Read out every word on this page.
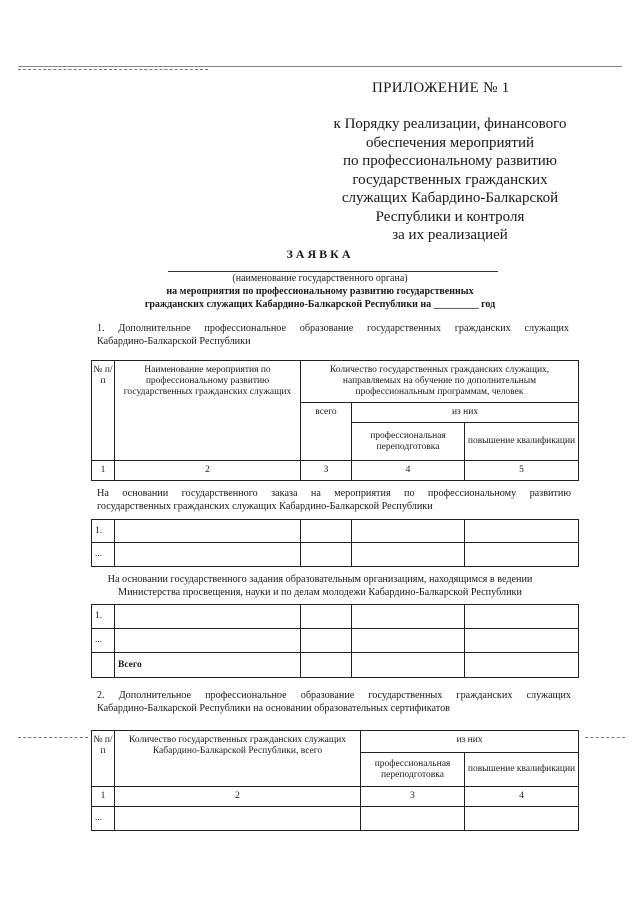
ПРИЛОЖЕНИЕ № 1
к Порядку реализации, финансового
обеспечения мероприятий
по профессиональному развитию
государственных гражданских
служащих Кабардино-Балкарской
Республики и контроля
за их реализацией
ЗАЯВКА
(наименование государственного органа)
на мероприятия по профессиональному развитию государственных
гражданских служащих Кабардино-Балкарской Республики на _________ год
1. Дополнительное профессиональное образование государственных гражданских служащих
Кабардино-Балкарской Республики
№ п/п	Наименование мероприятия по профессиональному развитию государственных гражданских служащих	Количество государственных гражданских служащих, направляемых на обучение по дополнительным профессиональным программам, человек		
		всего	из них	
			профессиональная переподготовка	повышение квалификации
1	2	3	4	5
На основании государственного заказа на мероприятия по профессиональному развитию
государственных гражданских служащих Кабардино-Балкарской Республики
1.				
...				
На основании государственного задания образовательным организациям, находящимся в ведении
Министерства просвещения, науки и по делам молодежи Кабардино-Балкарской Республики
1.				
...				
	Всего			
2. Дополнительное профессиональное образование государственных гражданских служащих
Кабардино-Балкарской Республики на основании образовательных сертификатов
№ п/п	Количество государственных гражданских служащих Кабардино-Балкарской Республики, всего	из них	
		профессиональная переподготовка	повышение квалификации
1	2	3	4
...			
